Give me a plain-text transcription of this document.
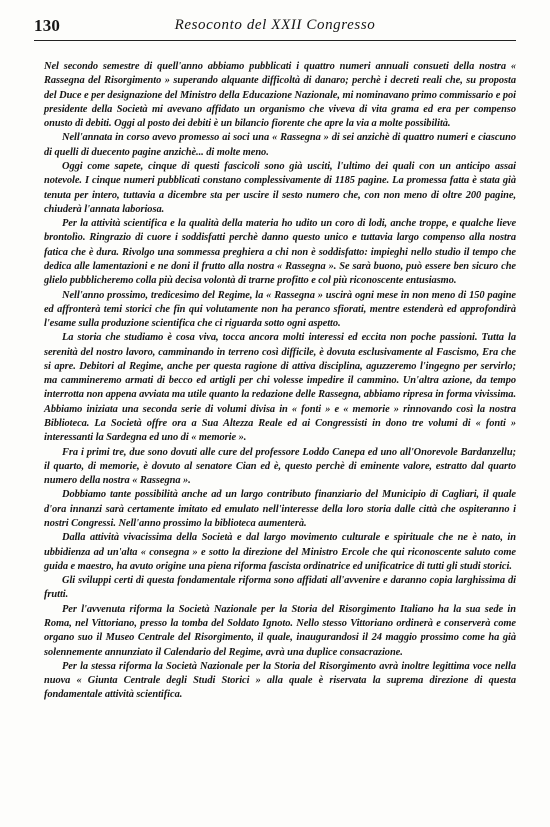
130	Resoconto del XXII Congresso

Nel secondo semestre di quell'anno abbiamo pubblicati i quattro numeri annuali consueti della nostra « Rassegna del Risorgimento » superando alquante difficoltà di danaro; perchè i decreti reali che, su proposta del Duce e per designazione del Ministro della Educazione Nazionale, mi nominavano primo commissario e poi presidente della Società mi avevano affidato un organismo che viveva di vita grama ed era per compenso onusto di debiti. Oggi al posto dei debiti è un bilancio fiorente che apre la via a molte possibilità.

Nell'annata in corso avevo promesso ai soci una « Rassegna » di sei anzichè di quattro numeri e ciascuno di quelli di duecento pagine anzichè... di molte meno.

Oggi come sapete, cinque di questi fascicoli sono già usciti, l'ultimo dei quali con un anticipo assai notevole. I cinque numeri pubblicati constano complessivamente di 1185 pagine. La promessa fatta è stata già tenuta per intero, tuttavia a dicembre sta per uscire il sesto numero che, con non meno di oltre 200 pagine, chiuderà l'annata laboriosa.

Per la attività scientifica e la qualità della materia ho udito un coro di lodi, anche troppe, e qualche lieve brontolìo. Ringrazio di cuore i soddisfatti perchè danno questo unico e tuttavia largo compenso alla nostra fatica che è dura. Rivolgo una sommessa preghiera a chi non è soddisfatto: impieghi nello studio il tempo che dedica alle lamentazioni e ne doni il frutto alla nostra « Rassegna ». Se sarà buono, può essere ben sicuro che glielo pubblicheremo colla più decisa volontà di trarne profitto e col più riconoscente entusiasmo.

Nell'anno prossimo, tredicesimo del Regime, la « Rassegna » uscirà ogni mese in non meno di 150 pagine ed affronterà temi storici che fin qui volutamente non ha peranco sfiorati, mentre estenderà ed approfondirà l'esame sulla produzione scientifica che ci riguarda sotto ogni aspetto.

La storia che studiamo è cosa viva, tocca ancora molti interessi ed eccita non poche passioni. Tutta la serenità del nostro lavoro, camminando in terreno così difficile, è dovuta esclusivamente al Fascismo, Era che si apre. Debitori al Regime, anche per questa ragione di attiva disciplina, aguzzeremo l'ingegno per servirlo; ma cammineremo armati di becco ed artigli per chi volesse impedire il cammino. Un'altra azione, da tempo interrotta non appena avviata ma utile quanto la redazione delle Rassegna, abbiamo ripresa in forma vivissima. Abbiamo iniziata una seconda serie di volumi divisa in « fonti » e « memorie » rinnovando così la nostra Biblioteca. La Società offre ora a Sua Altezza Reale ed ai Congressisti in dono tre volumi di « fonti » interessanti la Sardegna ed uno di « memorie ».

Fra i primi tre, due sono dovuti alle cure del professore Loddo Canepa ed uno all'Onorevole Bardanzellu; il quarto, di memorie, è dovuto al senatore Cian ed è, questo perchè di eminente valore, estratto dal quarto numero della nostra « Rassegna ».

Dobbiamo tante possibilità anche ad un largo contributo finanziario del Municipio di Cagliari, il quale d'ora innanzi sarà certamente imitato ed emulato nell'interesse della loro storia dalle città che ospiteranno i nostri Congressi. Nell'anno prossimo la biblioteca aumenterà.

Dalla attività vivacissima della Società e dal largo movimento culturale e spirituale che ne è nato, in ubbidienza ad un'alta « consegna » e sotto la direzione del Ministro Ercole che qui riconoscente saluto come guida e maestro, ha avuto origine una piena riforma fascista ordinatrice ed unificatrice di tutti gli studi storici.

Gli sviluppi certi di questa fondamentale riforma sono affidati all'avvenire e daranno copia larghissima di frutti.

Per l'avvenuta riforma la Società Nazionale per la Storia del Risorgimento Italiano ha la sua sede in Roma, nel Vittoriano, presso la tomba del Soldato Ignoto. Nello stesso Vittoriano ordinerà e conserverà come organo suo il Museo Centrale del Risorgimento, il quale, inaugurandosi il 24 maggio prossimo come ha già solennemente annunziato il Calendario del Regime, avrà una duplice consacrazione.

Per la stessa riforma la Società Nazionale per la Storia del Risorgimento avrà inoltre legittima voce nella nuova « Giunta Centrale degli Studi Storici » alla quale è riservata la suprema direzione di questa fondamentale attività scientifica.
